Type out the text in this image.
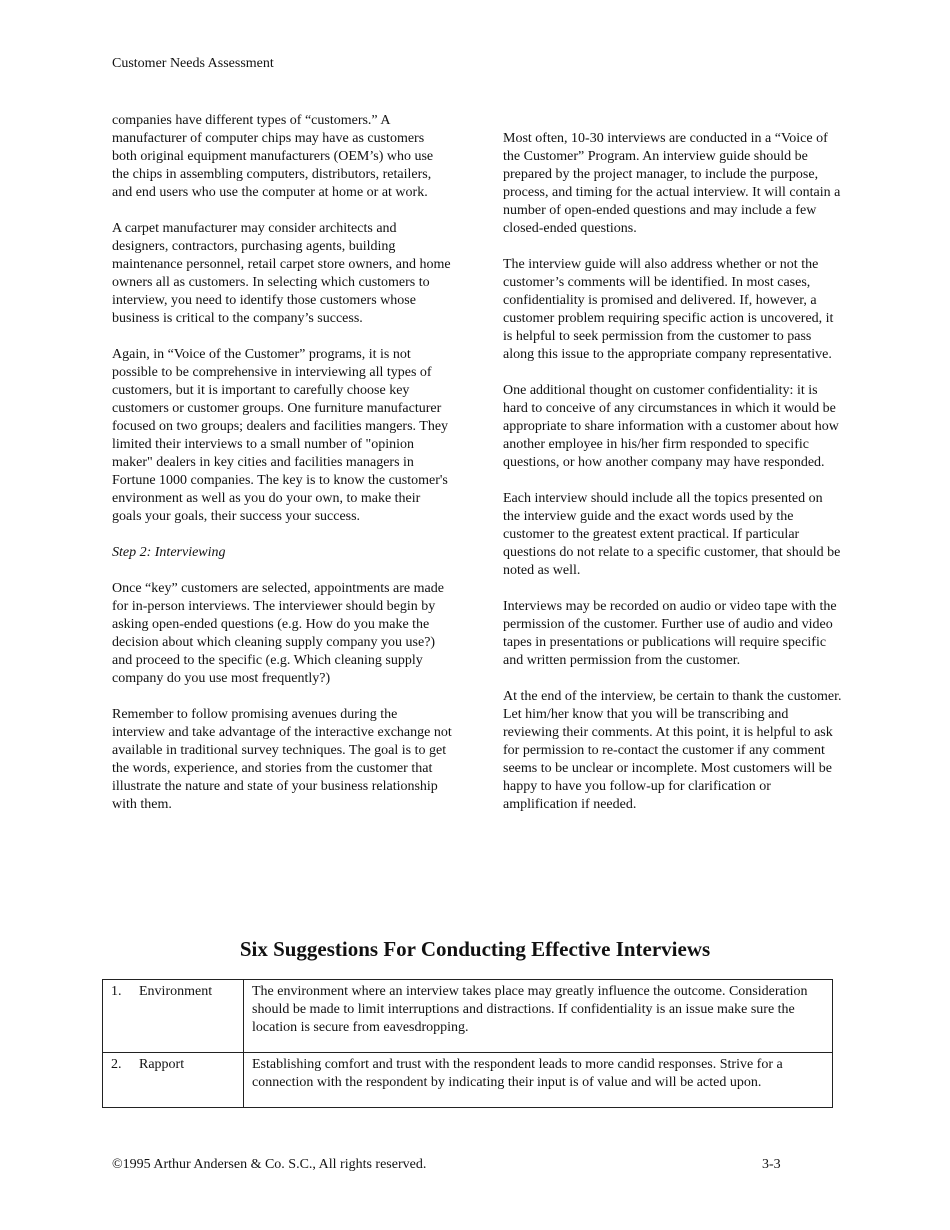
Customer Needs Assessment

companies have different types of “customers.” A manufacturer of computer chips may have as customers both original equipment manufacturers (OEM’s) who use the chips in assembling computers, distributors, retailers, and end users who use the computer at home or at work.

A carpet manufacturer may consider architects and designers, contractors, purchasing agents, building maintenance personnel, retail carpet store owners, and home owners all as customers. In selecting which customers to interview, you need to identify those customers whose business is critical to the company’s success.

Again, in “Voice of the Customer” programs, it is not possible to be comprehensive in interviewing all types of customers, but it is important to carefully choose key customers or customer groups. One furniture manufacturer focused on two groups; dealers and facilities mangers. They limited their interviews to a small number of "opinion maker" dealers in key cities and facilities managers in Fortune 1000 companies. The key is to know the customer's environment as well as you do your own, to make their goals your goals, their success your success.

Step 2: Interviewing

Once “key” customers are selected, appointments are made for in-person interviews. The interviewer should begin by asking open-ended questions (e.g. How do you make the decision about which cleaning supply company you use?) and proceed to the specific (e.g. Which cleaning supply company do you use most frequently?)

Remember to follow promising avenues during the interview and take advantage of the interactive exchange not available in traditional survey techniques. The goal is to get the words, experience, and stories from the customer that illustrate the nature and state of your business relationship with them.

Most often, 10-30 interviews are conducted in a “Voice of the Customer” Program. An interview guide should be prepared by the project manager, to include the purpose, process, and timing for the actual interview. It will contain a number of open-ended questions and may include a few closed-ended questions.

The interview guide will also address whether or not the customer’s comments will be identified. In most cases, confidentiality is promised and delivered. If, however, a customer problem requiring specific action is uncovered, it is helpful to seek permission from the customer to pass along this issue to the appropriate company representative.

One additional thought on customer confidentiality: it is hard to conceive of any circumstances in which it would be appropriate to share information with a customer about how another employee in his/her firm responded to specific questions, or how another company may have responded.

Each interview should include all the topics presented on the interview guide and the exact words used by the customer to the greatest extent practical. If particular questions do not relate to a specific customer, that should be noted as well.

Interviews may be recorded on audio or video tape with the permission of the customer. Further use of audio and video tapes in presentations or publications will require specific and written permission from the customer.

At the end of the interview, be certain to thank the customer. Let him/her know that you will be transcribing and reviewing their comments. At this point, it is helpful to ask for permission to re-contact the customer if any comment seems to be unclear or incomplete. Most customers will be happy to have you follow-up for clarification or amplification if needed.

Six Suggestions For Conducting Effective Interviews
1. Environment	The environment where an interview takes place may greatly influence the outcome. Consideration should be made to limit interruptions and distractions. If confidentiality is an issue make sure the location is secure from eavesdropping.
2. Rapport	Establishing comfort and trust with the respondent leads to more candid responses. Strive for a connection with the respondent by indicating their input is of value and will be acted upon.
©1995 Arthur Andersen & Co. S.C., All rights reserved.	3-3
